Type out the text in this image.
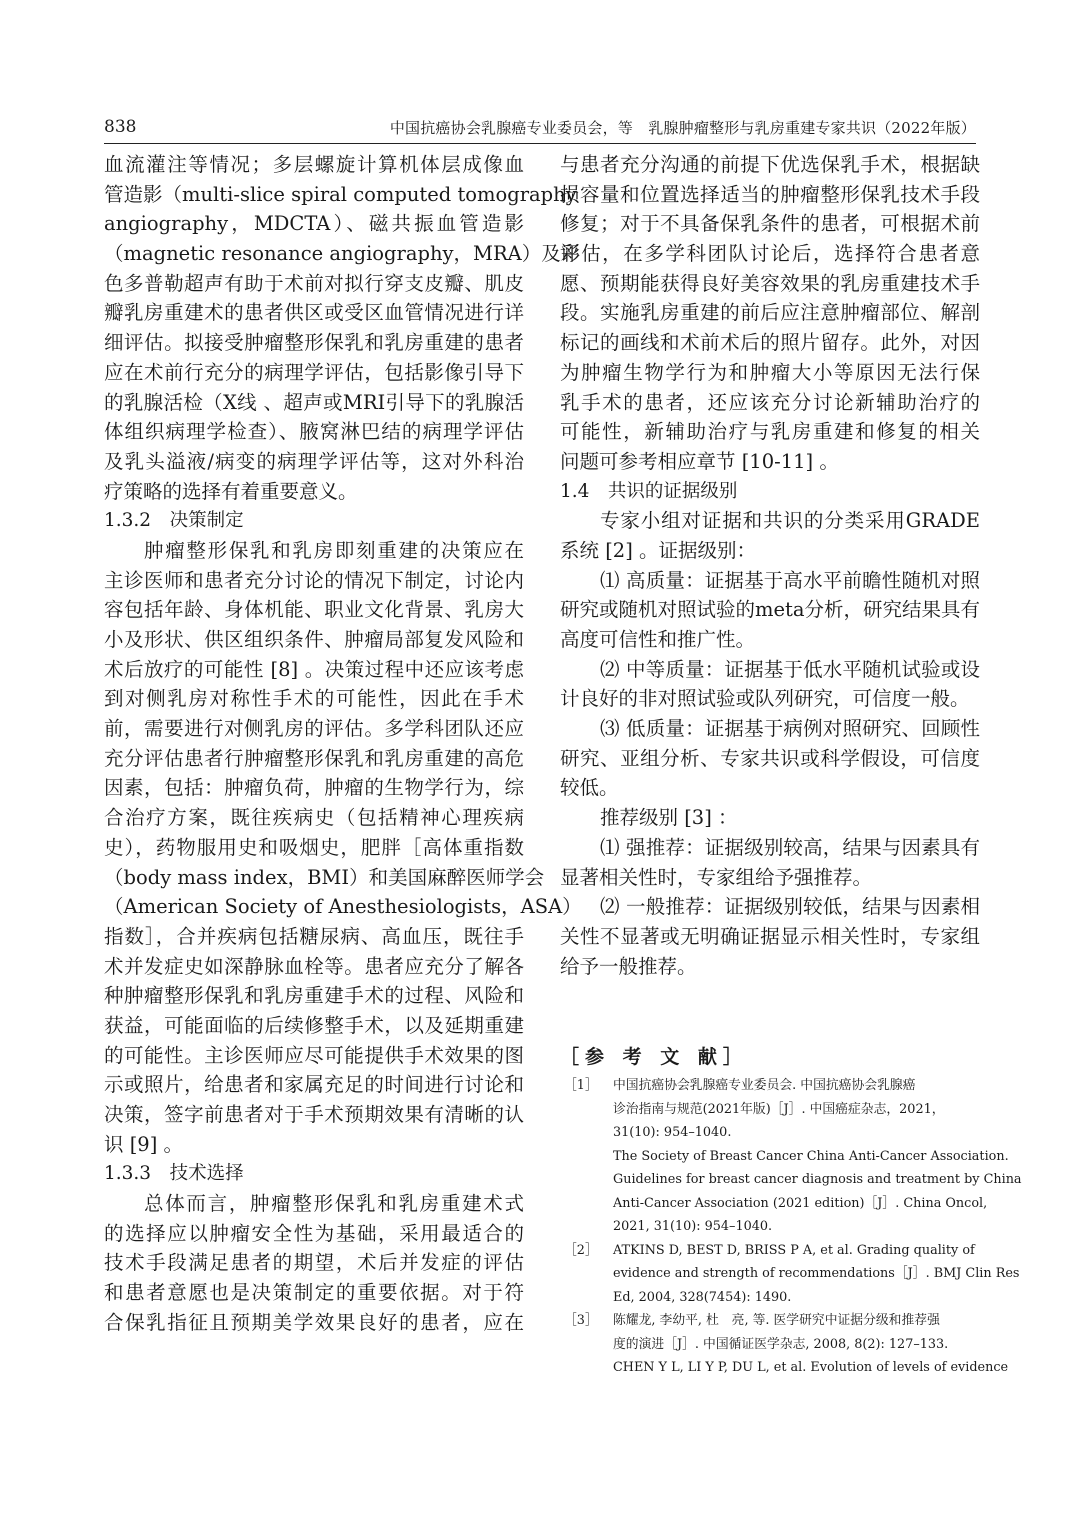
838	中国抗癌协会乳腺癌专业委员会，等　乳腺肿瘤整形与乳房重建专家共识（2022年版）
血流灌注等情况；多层螺旋计算机体层成像血
管造影（multi-slice spiral computed tomography
angiography，MDCTA）、磁共振血管造影
（magnetic resonance angiography，MRA）及彩
色多普勒超声有助于术前对拟行穿支皮瓣、肌皮
瓣乳房重建术的患者供区或受区血管情况进行详
细评估。拟接受肿瘤整形保乳和乳房重建的患者
应在术前行充分的病理学评估，包括影像引导下
的乳腺活检（X线 、超声或MRI引导下的乳腺活
体组织病理学检查）、腋窝淋巴结的病理学评估
及乳头溢液/病变的病理学评估等，这对外科治
疗策略的选择有着重要意义。
1.3.2　决策制定
肿瘤整形保乳和乳房即刻重建的决策应在
主诊医师和患者充分讨论的情况下制定，讨论内
容包括年龄、身体机能、职业文化背景、乳房大
小及形状、供区组织条件、肿瘤局部复发风险和
术后放疗的可能性 [8] 。决策过程中还应该考虑
到对侧乳房对称性手术的可能性，因此在手术
前，需要进行对侧乳房的评估。多学科团队还应
充分评估患者行肿瘤整形保乳和乳房重建的高危
因素，包括：肿瘤负荷，肿瘤的生物学行为，综
合治疗方案，既往疾病史（包括精神心理疾病
史），药物服用史和吸烟史，肥胖［高体重指数
（body mass index，BMI）和美国麻醉医师学会
（American Society of Anesthesiologists，ASA）
指数］，合并疾病包括糖尿病、高血压，既往手
术并发症史如深静脉血栓等。患者应充分了解各
种肿瘤整形保乳和乳房重建手术的过程、风险和
获益，可能面临的后续修整手术，以及延期重建
的可能性。主诊医师应尽可能提供手术效果的图
示或照片，给患者和家属充足的时间进行讨论和
决策，签字前患者对于手术预期效果有清晰的认
识 [9] 。
1.3.3　技术选择
总体而言，肿瘤整形保乳和乳房重建术式
的选择应以肿瘤安全性为基础，采用最适合的
技术手段满足患者的期望，术后并发症的评估
和患者意愿也是决策制定的重要依据。对于符
合保乳指征且预期美学效果良好的患者，应在
与患者充分沟通的前提下优选保乳手术，根据缺
损容量和位置选择适当的肿瘤整形保乳技术手段
修复；对于不具备保乳条件的患者，可根据术前
评估，在多学科团队讨论后，选择符合患者意
愿、预期能获得良好美容效果的乳房重建技术手
段。实施乳房重建的前后应注意肿瘤部位、解剖
标记的画线和术前术后的照片留存。此外，对因
为肿瘤生物学行为和肿瘤大小等原因无法行保
乳手术的患者，还应该充分讨论新辅助治疗的
可能性，新辅助治疗与乳房重建和修复的相关
问题可参考相应章节 [10-11] 。
1.4　共识的证据级别
专家小组对证据和共识的分类采用GRADE
系统 [2] 。证据级别：
⑴ 高质量：证据基于高水平前瞻性随机对照
研究或随机对照试验的meta分析，研究结果具有
高度可信性和推广性。
⑵ 中等质量：证据基于低水平随机试验或设
计良好的非对照试验或队列研究，可信度一般。
⑶ 低质量：证据基于病例对照研究、回顾性
研究、亚组分析、专家共识或科学假设，可信度
较低。
推荐级别 [3] ：
⑴ 强推荐：证据级别较高，结果与因素具有
显著相关性时，专家组给予强推荐。
⑵ 一般推荐：证据级别较低，结果与因素相
关性不显著或无明确证据显示相关性时，专家组
给予一般推荐。
［参 考 文 献］
［1］ 中国抗癌协会乳腺癌专业委员会. 中国抗癌协会乳腺癌
诊治指南与规范(2021年版)［J］. 中国癌症杂志，2021，
31(10): 954–1040.
The Society of Breast Cancer China Anti-Cancer Association.
Guidelines for breast cancer diagnosis and treatment by China
Anti-Cancer Association (2021 edition)［J］. China Oncol,
2021, 31(10): 954–1040.
［2］ ATKINS D, BEST D, BRISS P A, et al. Grading quality of
evidence and strength of recommendations［J］. BMJ Clin Res
Ed, 2004, 328(7454): 1490.
［3］ 陈耀龙, 李幼平, 杜　亮, 等. 医学研究中证据分级和推荐强
度的演进［J］. 中国循证医学杂志, 2008, 8(2): 127–133.
CHEN Y L, LI Y P, DU L, et al. Evolution of levels of evidence
